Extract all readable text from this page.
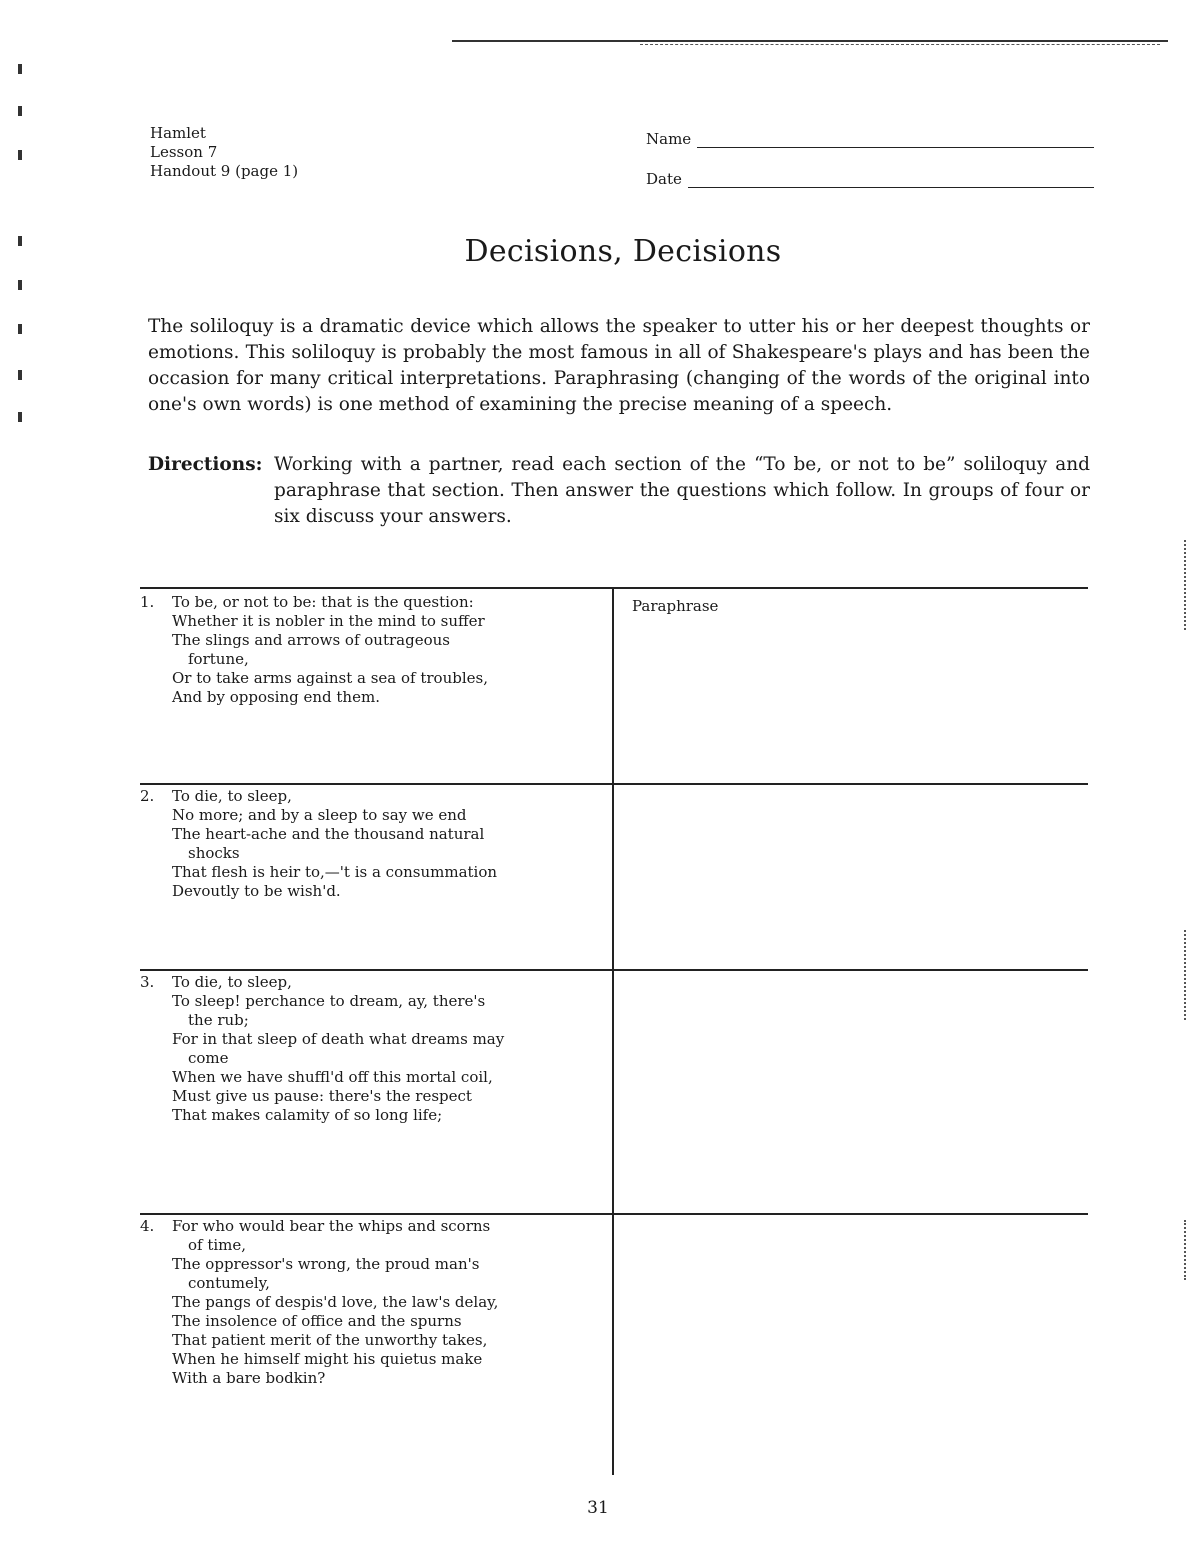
Hamlet
Lesson 7
Handout 9 (page 1)
Name
Date
Decisions, Decisions

The soliloquy is a dramatic device which allows the speaker to utter his or her deepest thoughts or emotions. This soliloquy is probably the most famous in all of Shakespeare's plays and has been the occasion for many critical interpretations. Paraphrasing (changing of the words of the original into one's own words) is one method of examining the precise meaning of a speech.

Directions: Working with a partner, read each section of the “To be, or not to be” soliloquy and paraphrase that section. Then answer the questions which follow. In groups of four or six discuss your answers.
Paraphrase
1. To be, or not to be: that is the question:
Whether it is nobler in the mind to suffer
The slings and arrows of outrageous
fortune,
Or to take arms against a sea of troubles,
And by opposing end them.
2. To die, to sleep,
No more; and by a sleep to say we end
The heart-ache and the thousand natural
shocks
That flesh is heir to,—'t is a consummation
Devoutly to be wish'd.
3. To die, to sleep,
To sleep! perchance to dream, ay, there's
the rub;
For in that sleep of death what dreams may
come
When we have shuffl'd off this mortal coil,
Must give us pause: there's the respect
That makes calamity of so long life;
4. For who would bear the whips and scorns
of time,
The oppressor's wrong, the proud man's
contumely,
The pangs of despis'd love, the law's delay,
The insolence of office and the spurns
That patient merit of the unworthy takes,
When he himself might his quietus make
With a bare bodkin?
31
